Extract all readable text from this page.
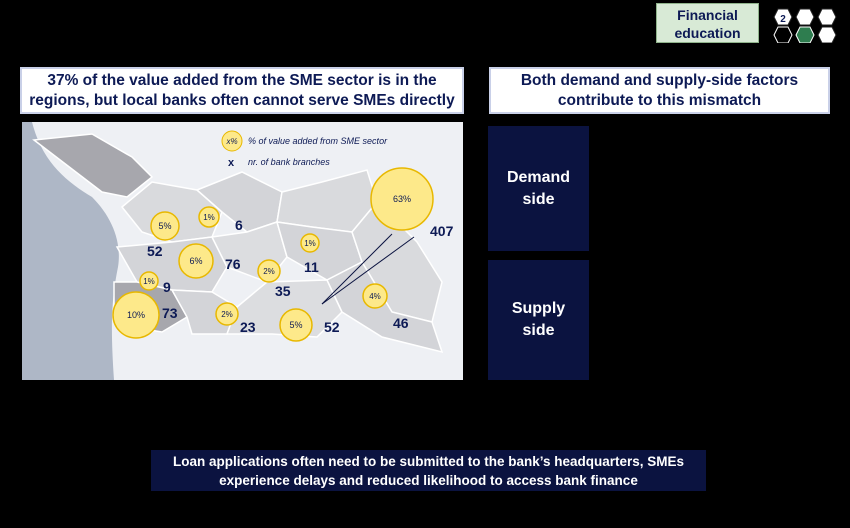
Financial
education
2
37% of the value added from the SME sector is in the
regions, but local banks often cannot serve SMEs directly
Both demand and supply-side factors
contribute to this mismatch
x% % of value added from SME sector
x nr. of bank branches
63%
5%
1%
1%
6%
2%
1%
10%	2%
5%
4%
407
6
52
76	11
9	35
73
23	52	46
Demand
side
• Limited financial awareness and skills among SME entrepreneurs
Supply
side
• Low institutional capacity to assess risk
• Centralised decision making
Loan applications often need to be submitted to the bank’s headquarters, SMEs
experience delays and reduced likelihood to access bank finance
